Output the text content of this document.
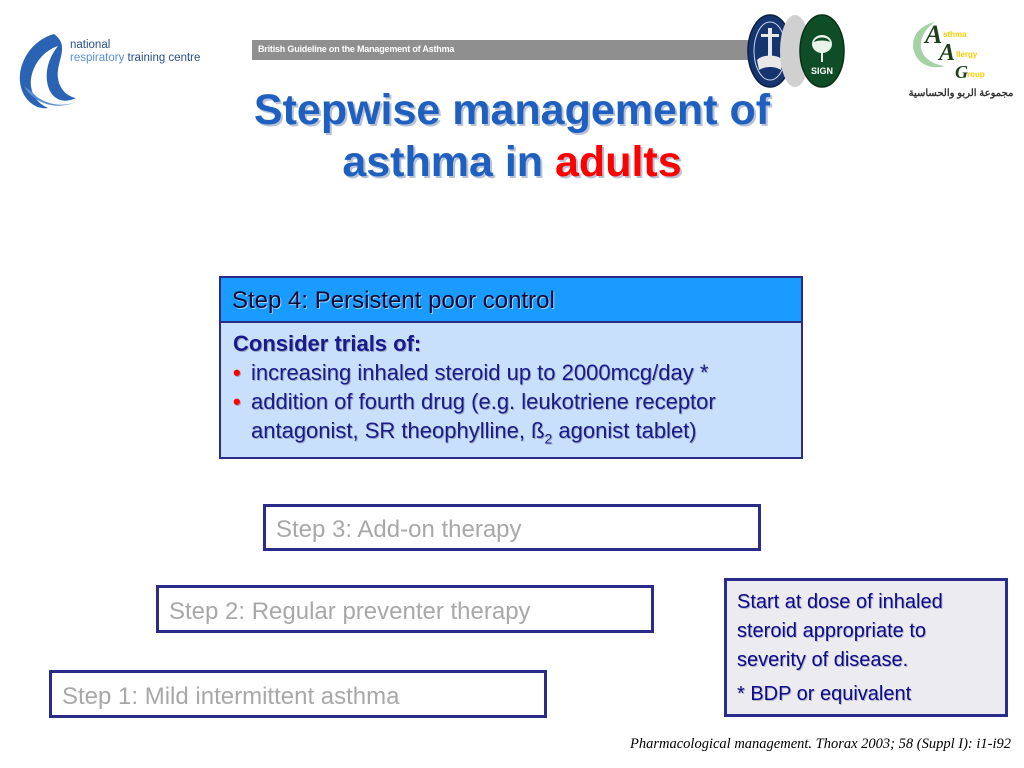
national
respiratory training centre
British Guideline on the Management of Asthma
SIGN
A sthma
A llergy
G roup
مجموعة الربو والحساسية
Stepwise management of
asthma in adults
Step 4: Persistent poor control
Consider trials of:
• increasing inhaled steroid up to 2000mcg/day *
• addition of fourth drug (e.g. leukotriene receptor antagonist, SR theophylline, $ß_2$ agonist tablet)
Step 3: Add-on therapy
Step 2: Regular preventer therapy
Step 1: Mild intermittent asthma
Start at dose of inhaled steroid appropriate to severity of disease.
* BDP or equivalent
Pharmacological management. Thorax 2003; 58 (Suppl I): i1-i92
